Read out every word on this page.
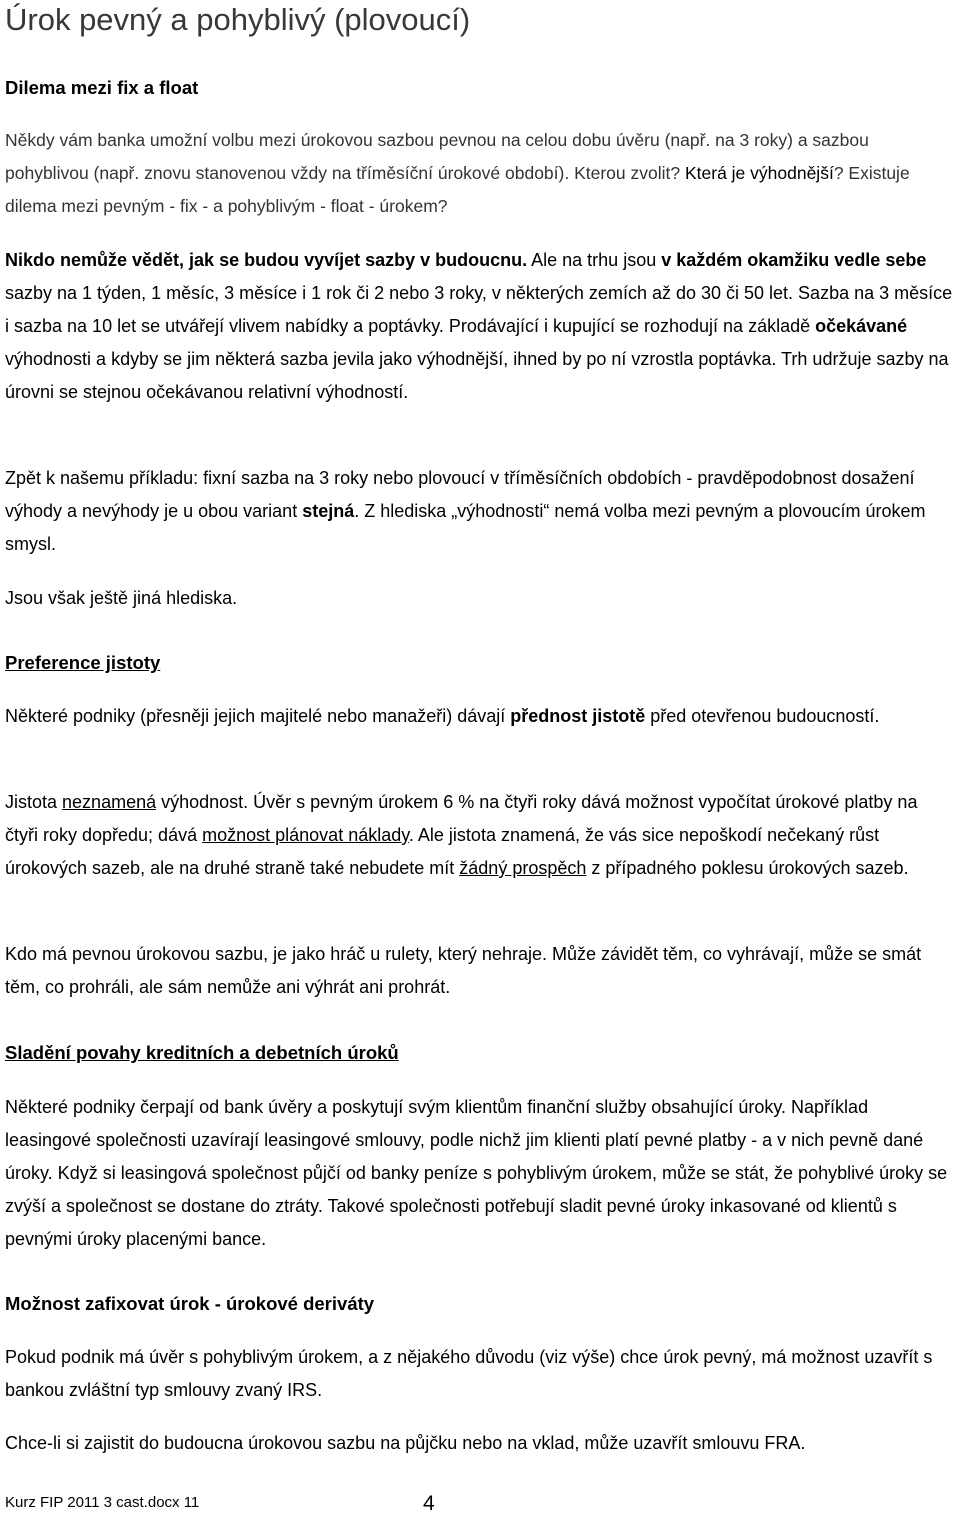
Úrok pevný a pohyblivý (plovoucí)
Dilema mezi fix a float

Někdy vám banka umožní volbu mezi úrokovou sazbou pevnou na celou dobu úvěru (např. na 3 roky) a sazbou pohyblivou (např. znovu stanovenou vždy na tříměsíční úrokové období). Kterou zvolit? Která je výhodnější? Existuje dilema mezi pevným - fix - a pohyblivým - float - úrokem?

Nikdo nemůže vědět, jak se budou vyvíjet sazby v budoucnu. Ale na trhu jsou v každém okamžiku vedle sebe sazby na 1 týden, 1 měsíc, 3 měsíce i 1 rok či 2 nebo 3 roky, v některých zemích až do 30 či 50 let. Sazba na 3 měsíce i sazba na 10 let se utvářejí vlivem nabídky a poptávky. Prodávající i kupující se rozhodují na základě očekávané výhodnosti a kdyby se jim některá sazba jevila jako výhodnější, ihned by po ní vzrostla poptávka. Trh udržuje sazby na úrovni se stejnou očekávanou relativní výhodností.

Zpět k našemu příkladu: fixní sazba na 3 roky nebo plovoucí v tříměsíčních obdobích - pravděpodobnost dosažení výhody a nevýhody je u obou variant stejná. Z hlediska „výhodnosti“ nemá volba mezi pevným a plovoucím úrokem smysl.

Jsou však ještě jiná hlediska.

Preference jistoty

Některé podniky (přesněji jejich majitelé nebo manažeři) dávají přednost jistotě před otevřenou budoucností.

Jistota neznamená výhodnost. Úvěr s pevným úrokem 6 % na čtyři roky dává možnost vypočítat úrokové platby na čtyři roky dopředu; dává možnost plánovat náklady. Ale jistota znamená, že vás sice nepoškodí nečekaný růst úrokových sazeb, ale na druhé straně také nebudete mít žádný prospěch z případného poklesu úrokových sazeb.

Kdo má pevnou úrokovou sazbu, je jako hráč u rulety, který nehraje. Může závidět těm, co vyhrávají, může se smát těm, co prohráli, ale sám nemůže ani výhrát ani prohrát.

Sladění povahy kreditních a debetních úroků

Některé podniky čerpají od bank úvěry a poskytují svým klientům finanční služby obsahující úroky. Například leasingové společnosti uzavírají leasingové smlouvy, podle nichž jim klienti platí pevné platby - a v nich pevně dané úroky. Když si leasingová společnost půjčí od banky peníze s pohyblivým úrokem, může se stát, že pohyblivé úroky se zvýší a společnost se dostane do ztráty. Takové společnosti potřebují sladit pevné úroky inkasované od klientů s pevnými úroky placenými bance.

Možnost zafixovat úrok - úrokové deriváty

Pokud podnik má úvěr s pohyblivým úrokem, a z nějakého důvodu (viz výše) chce úrok pevný, má možnost uzavřít s bankou zvláštní typ smlouvy zvaný IRS.

Chce-li si zajistit do budoucna úrokovou sazbu na půjčku nebo na vklad, může uzavřít smlouvu FRA.

Kurz FIP 2011 3 cast.docx 11	4
